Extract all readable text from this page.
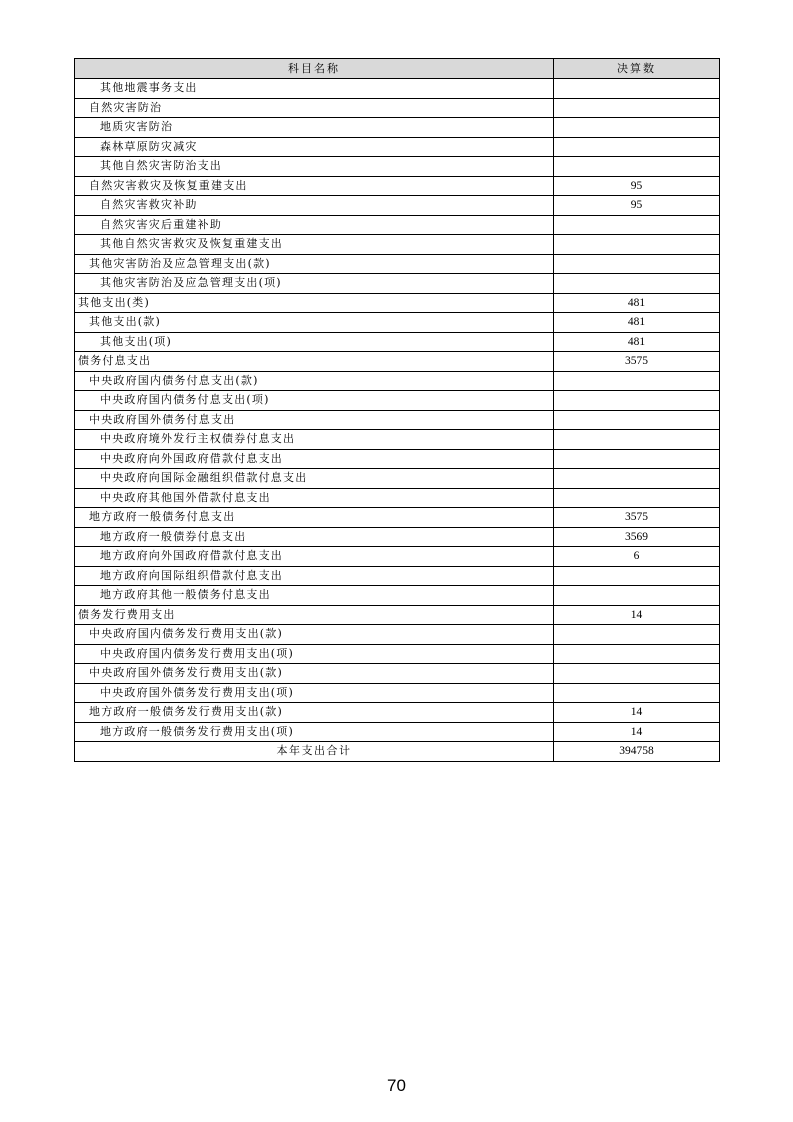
科目名称	决算数
其他地震事务支出	
自然灾害防治	
地质灾害防治	
森林草原防灾减灾	
其他自然灾害防治支出	
自然灾害救灾及恢复重建支出	95
自然灾害救灾补助	95
自然灾害灾后重建补助	
其他自然灾害救灾及恢复重建支出	
其他灾害防治及应急管理支出(款)	
其他灾害防治及应急管理支出(项)	
其他支出(类)	481
其他支出(款)	481
其他支出(项)	481
债务付息支出	3575
中央政府国内债务付息支出(款)	
中央政府国内债务付息支出(项)	
中央政府国外债务付息支出	
中央政府境外发行主权债券付息支出	
中央政府向外国政府借款付息支出	
中央政府向国际金融组织借款付息支出	
中央政府其他国外借款付息支出	
地方政府一般债务付息支出	3575
地方政府一般债券付息支出	3569
地方政府向外国政府借款付息支出	6
地方政府向国际组织借款付息支出	
地方政府其他一般债务付息支出	
债务发行费用支出	14
中央政府国内债务发行费用支出(款)	
中央政府国内债务发行费用支出(项)	
中央政府国外债务发行费用支出(款)	
中央政府国外债务发行费用支出(项)	
地方政府一般债务发行费用支出(款)	14
地方政府一般债务发行费用支出(项)	14
本年支出合计	394758
70
